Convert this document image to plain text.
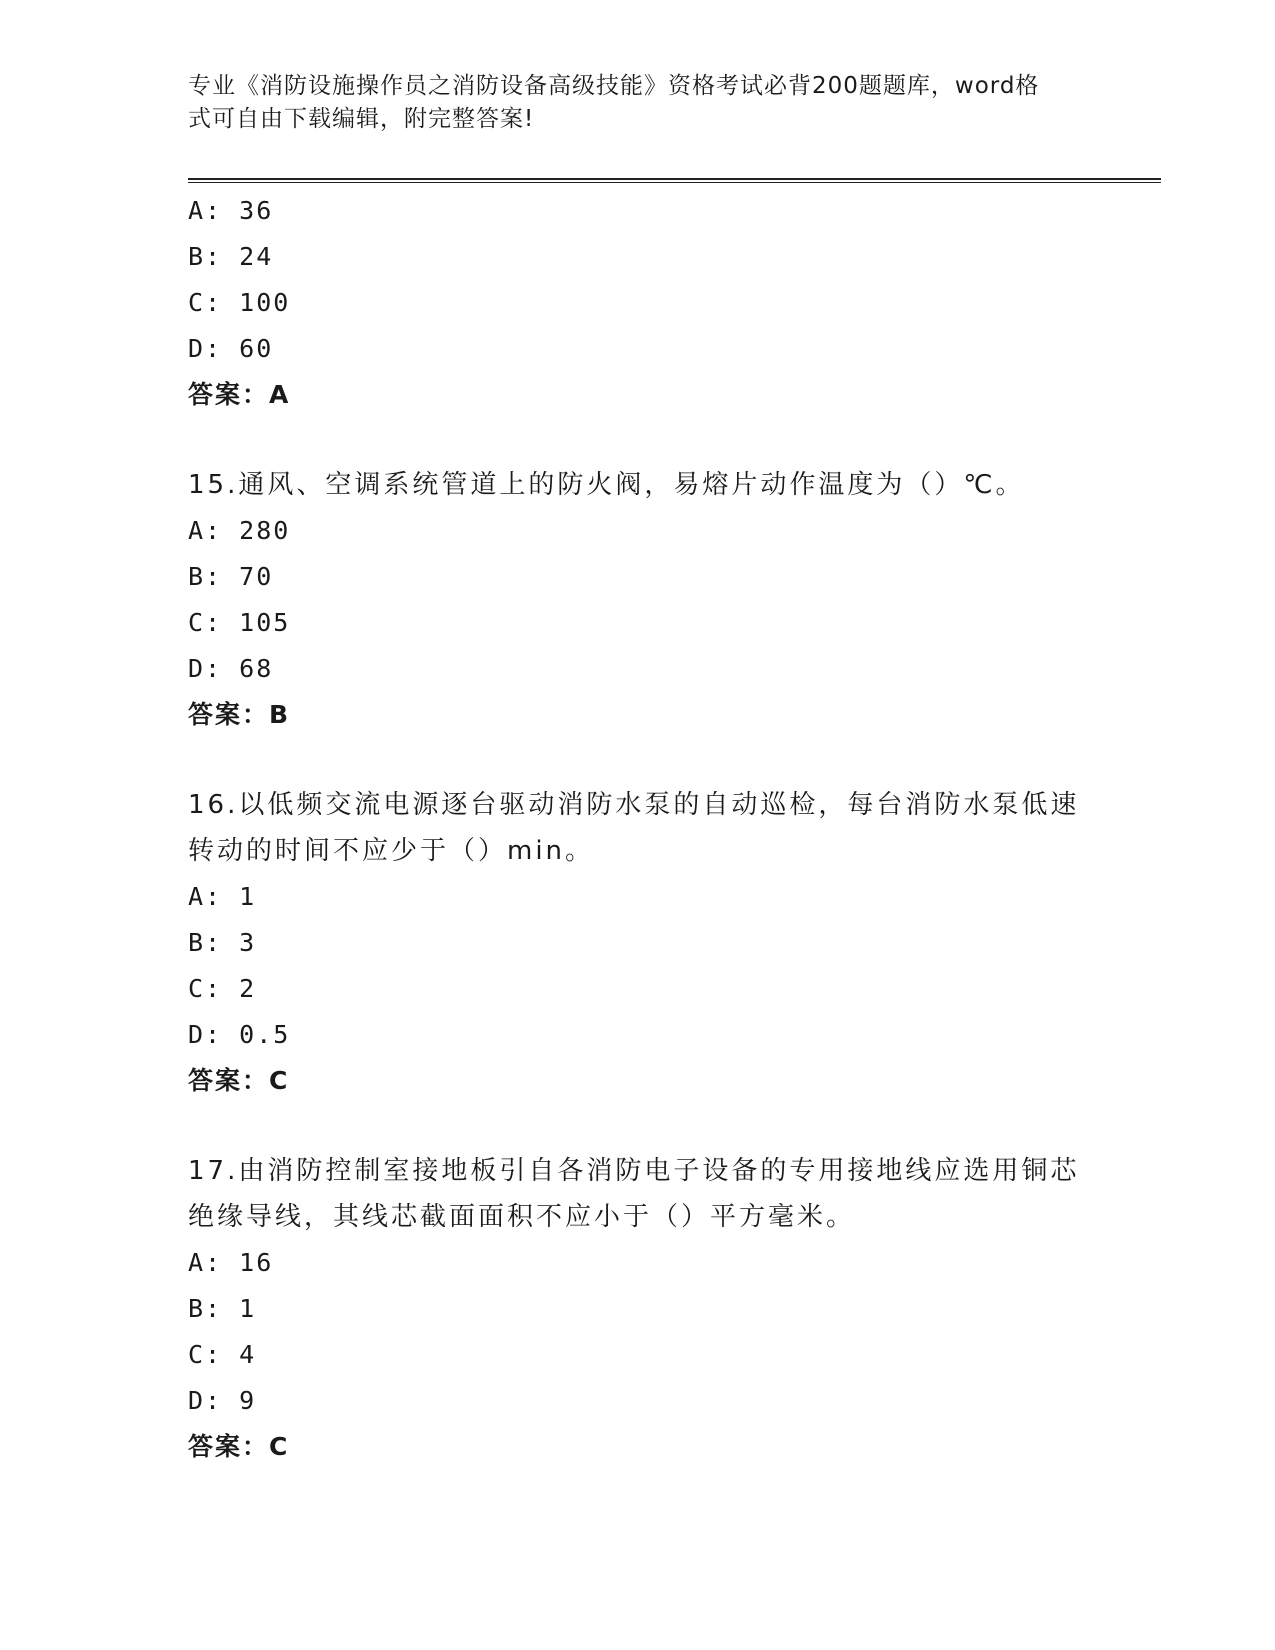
专业《消防设施操作员之消防设备高级技能》资格考试必背200题题库，word格
式可自由下载编辑，附完整答案!
A: 36
B: 24
C: 100
D: 60
答案：A
15.通风、空调系统管道上的防火阀，易熔片动作温度为（）℃。
A: 280
B: 70
C: 105
D: 68
答案：B
16.以低频交流电源逐台驱动消防水泵的自动巡检，每台消防水泵低速
转动的时间不应少于（）min。
A: 1
B: 3
C: 2
D: 0.5
答案：C
17.由消防控制室接地板引自各消防电子设备的专用接地线应选用铜芯
绝缘导线，其线芯截面面积不应小于（）平方毫米。
A: 16
B: 1
C: 4
D: 9
答案：C
